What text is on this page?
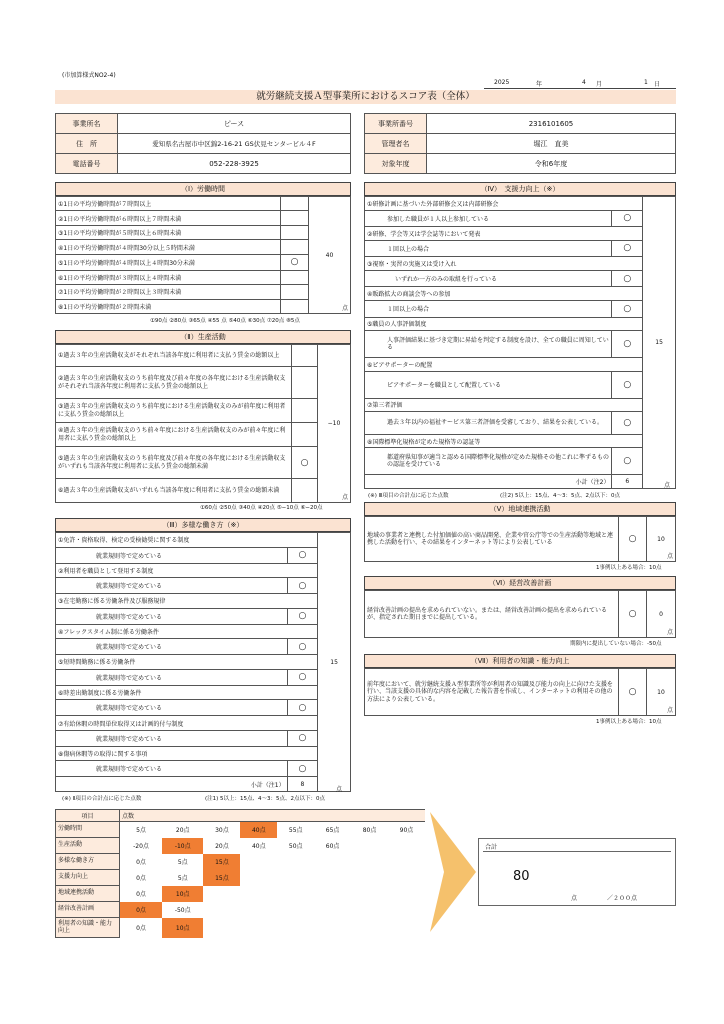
(市加算様式NO2-4)
2025	年	4 月	1 日
就労継続支援Ａ型事業所におけるスコア表（全体）
事業所名	ピース
住　所	愛知県名古屋市中区錦2-16-21 GS伏見センタービル４F
電話番号	052-228-3925
事業所番号	2316101605
管理者名	堀江　直美
対象年度	令和6年度
（Ⅰ）労働時間
①1日の平均労働時間が７時間以上		40
点

②1日の平均労働時間が６時間以上７時間未満		
③1日の平均労働時間が５時間以上６時間未満		
④1日の平均労働時間が４時間30分以上５時間未満		
⑤1日の平均労働時間が４時間以上４時間30分未満	○	
⑥1日の平均労働時間が３時間以上４時間未満		
⑦1日の平均労働時間が２時間以上３時間未満		
⑧1日の平均労働時間が２時間未満		
①90点 ②80点 ③65点 ④55 点 ⑤40点 ⑥30点 ⑦20点 ⑧5点
（Ⅱ）生産活動
①過去３年の生産活動収支がそれぞれ当該各年度に利用者に支払う賃金の総額以上		−10
点

②過去３年の生産活動収支のうち前年度及び前々年度の各年度における生産活動収支がそれぞれ当該各年度に利用者に支払う賃金の総額以上		
③過去３年の生産活動収支のうち前年度における生産活動収支のみが前年度に利用者に支払う賃金の総額以上		
④過去３年の生産活動収支のうち前々年度における生産活動収支のみが前々年度に利用者に支払う賃金の総額以上		
⑤過去３年の生産活動収支のうち前年度及び前々年度の各年度における生産活動収支がいずれも当該各年度に利用者に支払う賃金の総額未満	○	
⑥過去３年の生産活動収支がいずれも当該各年度に利用者に支払う賃金の総額未満		
①60点 ②50点 ③40点 ④20点 ⑤−10点 ⑥−20点
（Ⅲ）多様な働き方（※）
①免許・資格取得、検定の受検勧奨に関する制度		15
就業規則等で定めている	○	
②利用者を職員として登用する制度		
就業規則等で定めている	○	
③在宅勤務に係る労働条件及び服務規律		
就業規則等で定めている	○	
④フレックスタイム制に係る労働条件		
就業規則等で定めている	○	
⑤短時間勤務に係る労働条件		
就業規則等で定めている	○	
⑥時差出勤制度に係る労働条件		
就業規則等で定めている	○	
⑦有給休暇の時間単位取得又は計画的付与制度		
就業規則等で定めている	○	
⑧傷病休暇等の取得に関する事項		
就業規則等で定めている	○	
小計（注1）	8	
点
(※) Ⅱ項目の合計点に応じた点数	(注1) 5以上：15点、4〜3：5点、2点以下：0点
（Ⅳ）　支援力向上（※）
①研修計画に基づいた外部研修会又は内部研修会		15
参加した職員が１人以上参加している	○	
②研修、学会等又は学会誌等において発表		
１回以上の場合	○	
③視察・実習の実施又は受け入れ		
いずれか一方のみの取組を行っている	○	
④販路拡大の商談会等への参加		
１回以上の場合	○	
⑤職員の人事評価制度		
人事評価結果に基づき定期に昇給を判定する制度を設け、全ての職員に周知している	○	
⑥ピアサポーターの配置		
ピアサポーターを職員として配置している	○	
⑦第三者評価		
過去３年以内の福祉サービス第三者評価を受審しており、結果を公表している。	○	
⑧国際標準化規格が定めた規格等の認証等		
都道府県知事が適当と認める国際標準化規格が定めた規格その他これに準ずるものの認証を受けている	○	
小計（注2）	6	
点
(※) Ⅲ項目の合計点に応じた点数	(注2) 5以上：15点、4〜3：5点、2点以下：0点
（Ⅴ）地域連携活動
地域の事業者と連携した付加価値の高い商品開発、企業や官公庁等での生産活動等地域と連携した活動を行い、その結果をインターネット等により公表している	○	10
点
1事例以上ある場合：10点
（Ⅵ）経営改善計画
経営改善計画の提出を求められていない。または、経営改善計画の提出を求められているが、指定された期日までに提出している。	○	0
点
期限内に提出していない場合：-50点
（Ⅶ）利用者の知識・能力向上
前年度において、就労継続支援Ａ型事業所等が利用者の知識及び能力の向上に向けた支援を行い、当該支援の具体的な内容を記載した報告書を作成し、インターネットの利用その他の方法により公表している。	○	10
点
1事例以上ある場合：10点
項目	点数							
労働時間	5点	20点	30点	40点	55点	65点	80点	90点
生産活動	-20点	-10点	20点	40点	50点	60点		
多様な働き方	0点	5点	15点					
支援力向上	0点	5点	15点					
地域連携活動	0点	10点						
経営改善計画	0点	-50点						
利用者の知識・能力向上	0点	10点						
合計
80
点	／２００点
